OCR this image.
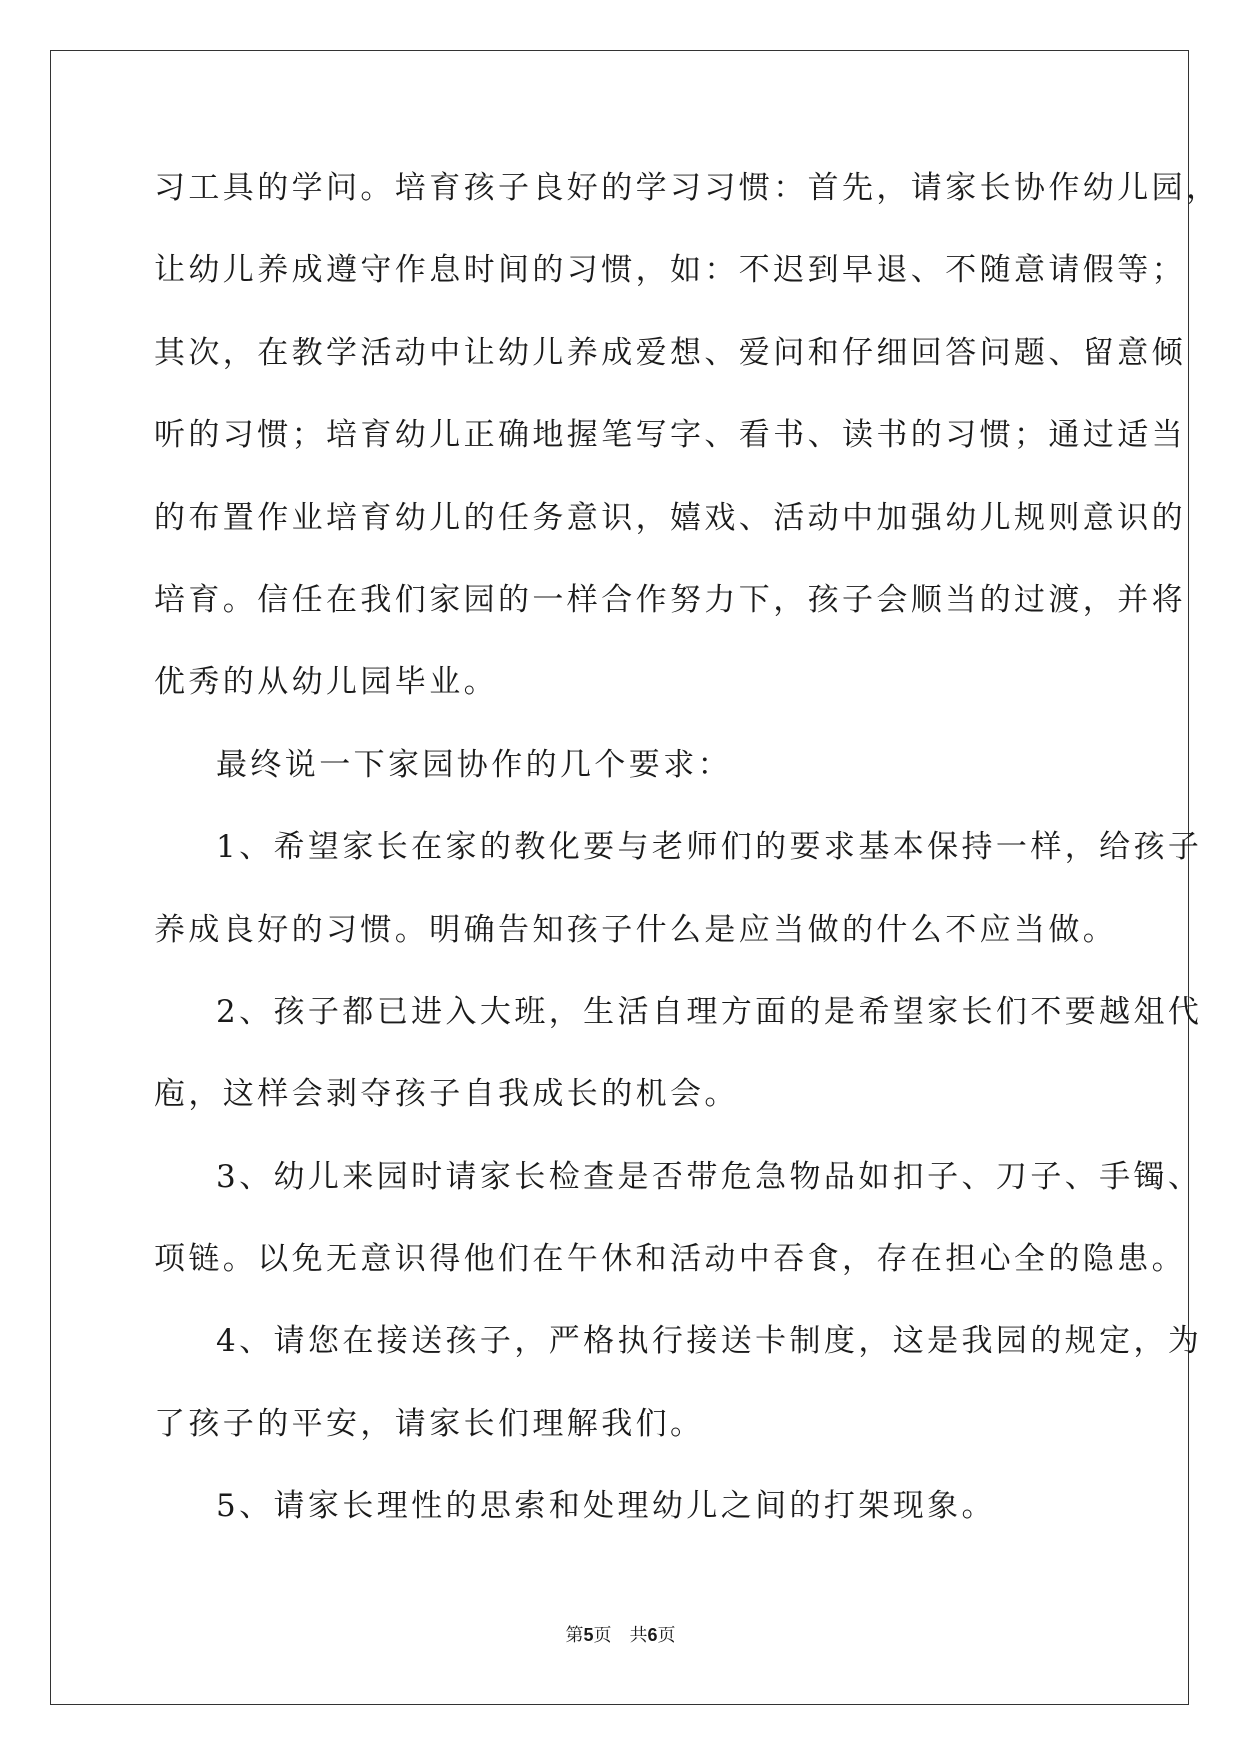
习工具的学问。培育孩子良好的学习习惯：首先，请家长协作幼儿园，
让幼儿养成遵守作息时间的习惯，如：不迟到早退、不随意请假等；
其次，在教学活动中让幼儿养成爱想、爱问和仔细回答问题、留意倾
听的习惯；培育幼儿正确地握笔写字、看书、读书的习惯；通过适当
的布置作业培育幼儿的任务意识，嬉戏、活动中加强幼儿规则意识的
培育。信任在我们家园的一样合作努力下，孩子会顺当的过渡，并将
优秀的从幼儿园毕业。
最终说一下家园协作的几个要求：
1、希望家长在家的教化要与老师们的要求基本保持一样，给孩子
养成良好的习惯。明确告知孩子什么是应当做的什么不应当做。
2、孩子都已进入大班，生活自理方面的是希望家长们不要越俎代
庖，这样会剥夺孩子自我成长的机会。
3、幼儿来园时请家长检查是否带危急物品如扣子、刀子、手镯、
项链。以免无意识得他们在午休和活动中吞食，存在担心全的隐患。
4、请您在接送孩子，严格执行接送卡制度，这是我园的规定，为
了孩子的平安，请家长们理解我们。
5、请家长理性的思索和处理幼儿之间的打架现象。
第5页　共6页
